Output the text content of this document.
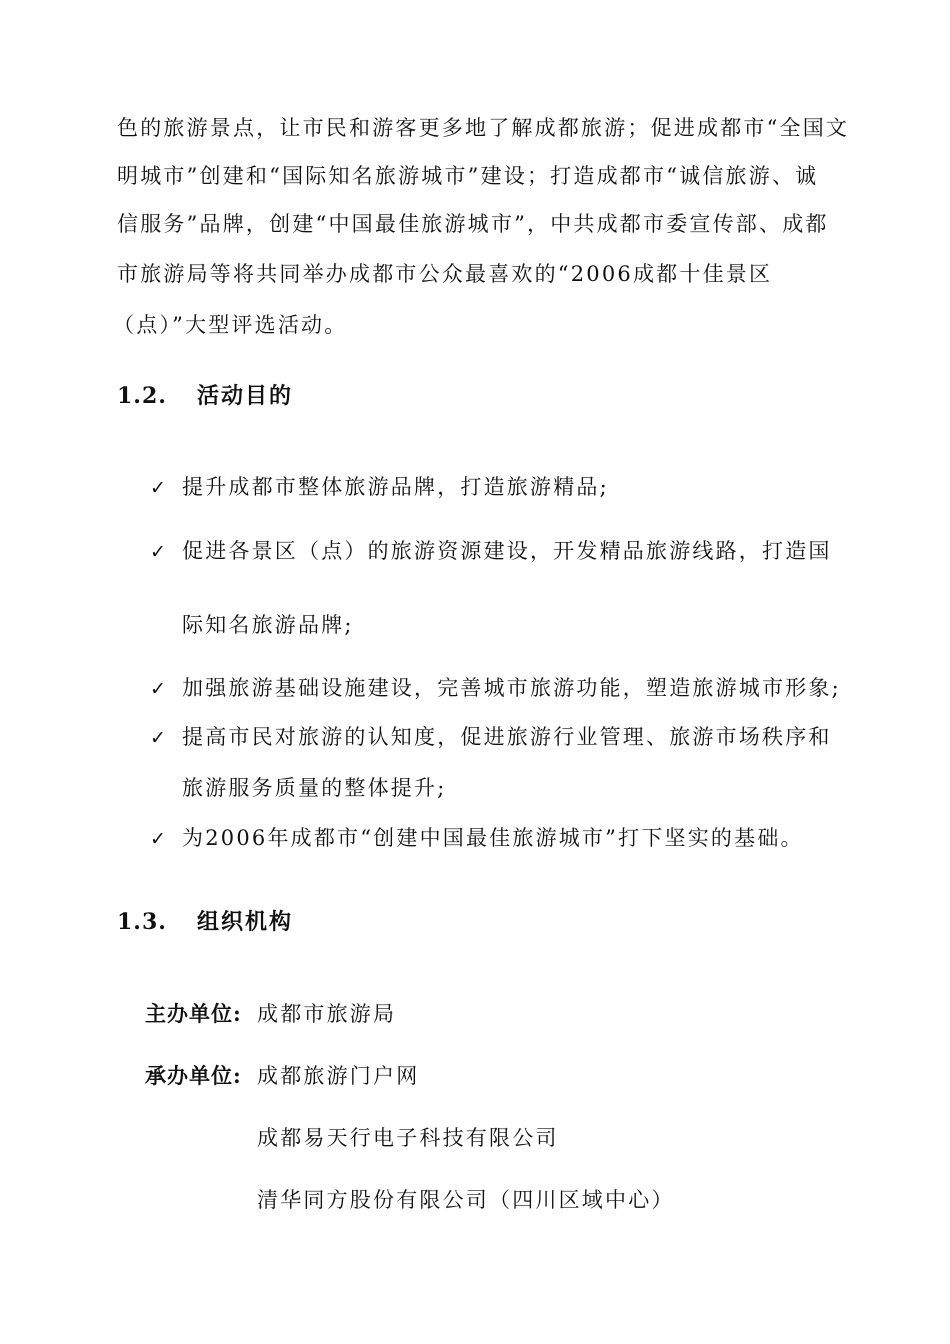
色的旅游景点，让市民和游客更多地了解成都旅游；促进成都市“全国文
明城市”创建和“国际知名旅游城市”建设；打造成都市“诚信旅游、诚
信服务”品牌，创建“中国最佳旅游城市”，中共成都市委宣传部、成都
市旅游局等将共同举办成都市公众最喜欢的“2006成都十佳景区
（点）”大型评选活动。
1.2. 活动目的
✓ 提升成都市整体旅游品牌，打造旅游精品;
✓ 促进各景区（点）的旅游资源建设，开发精品旅游线路，打造国
际知名旅游品牌;
✓ 加强旅游基础设施建设，完善城市旅游功能，塑造旅游城市形象;
✓ 提高市民对旅游的认知度，促进旅游行业管理、旅游市场秩序和
旅游服务质量的整体提升;
✓ 为2006年成都市“创建中国最佳旅游城市”打下坚实的基础。
1.3. 组织机构
主办单位: 成都市旅游局
承办单位: 成都旅游门户网
成都易天行电子科技有限公司
清华同方股份有限公司（四川区域中心）
